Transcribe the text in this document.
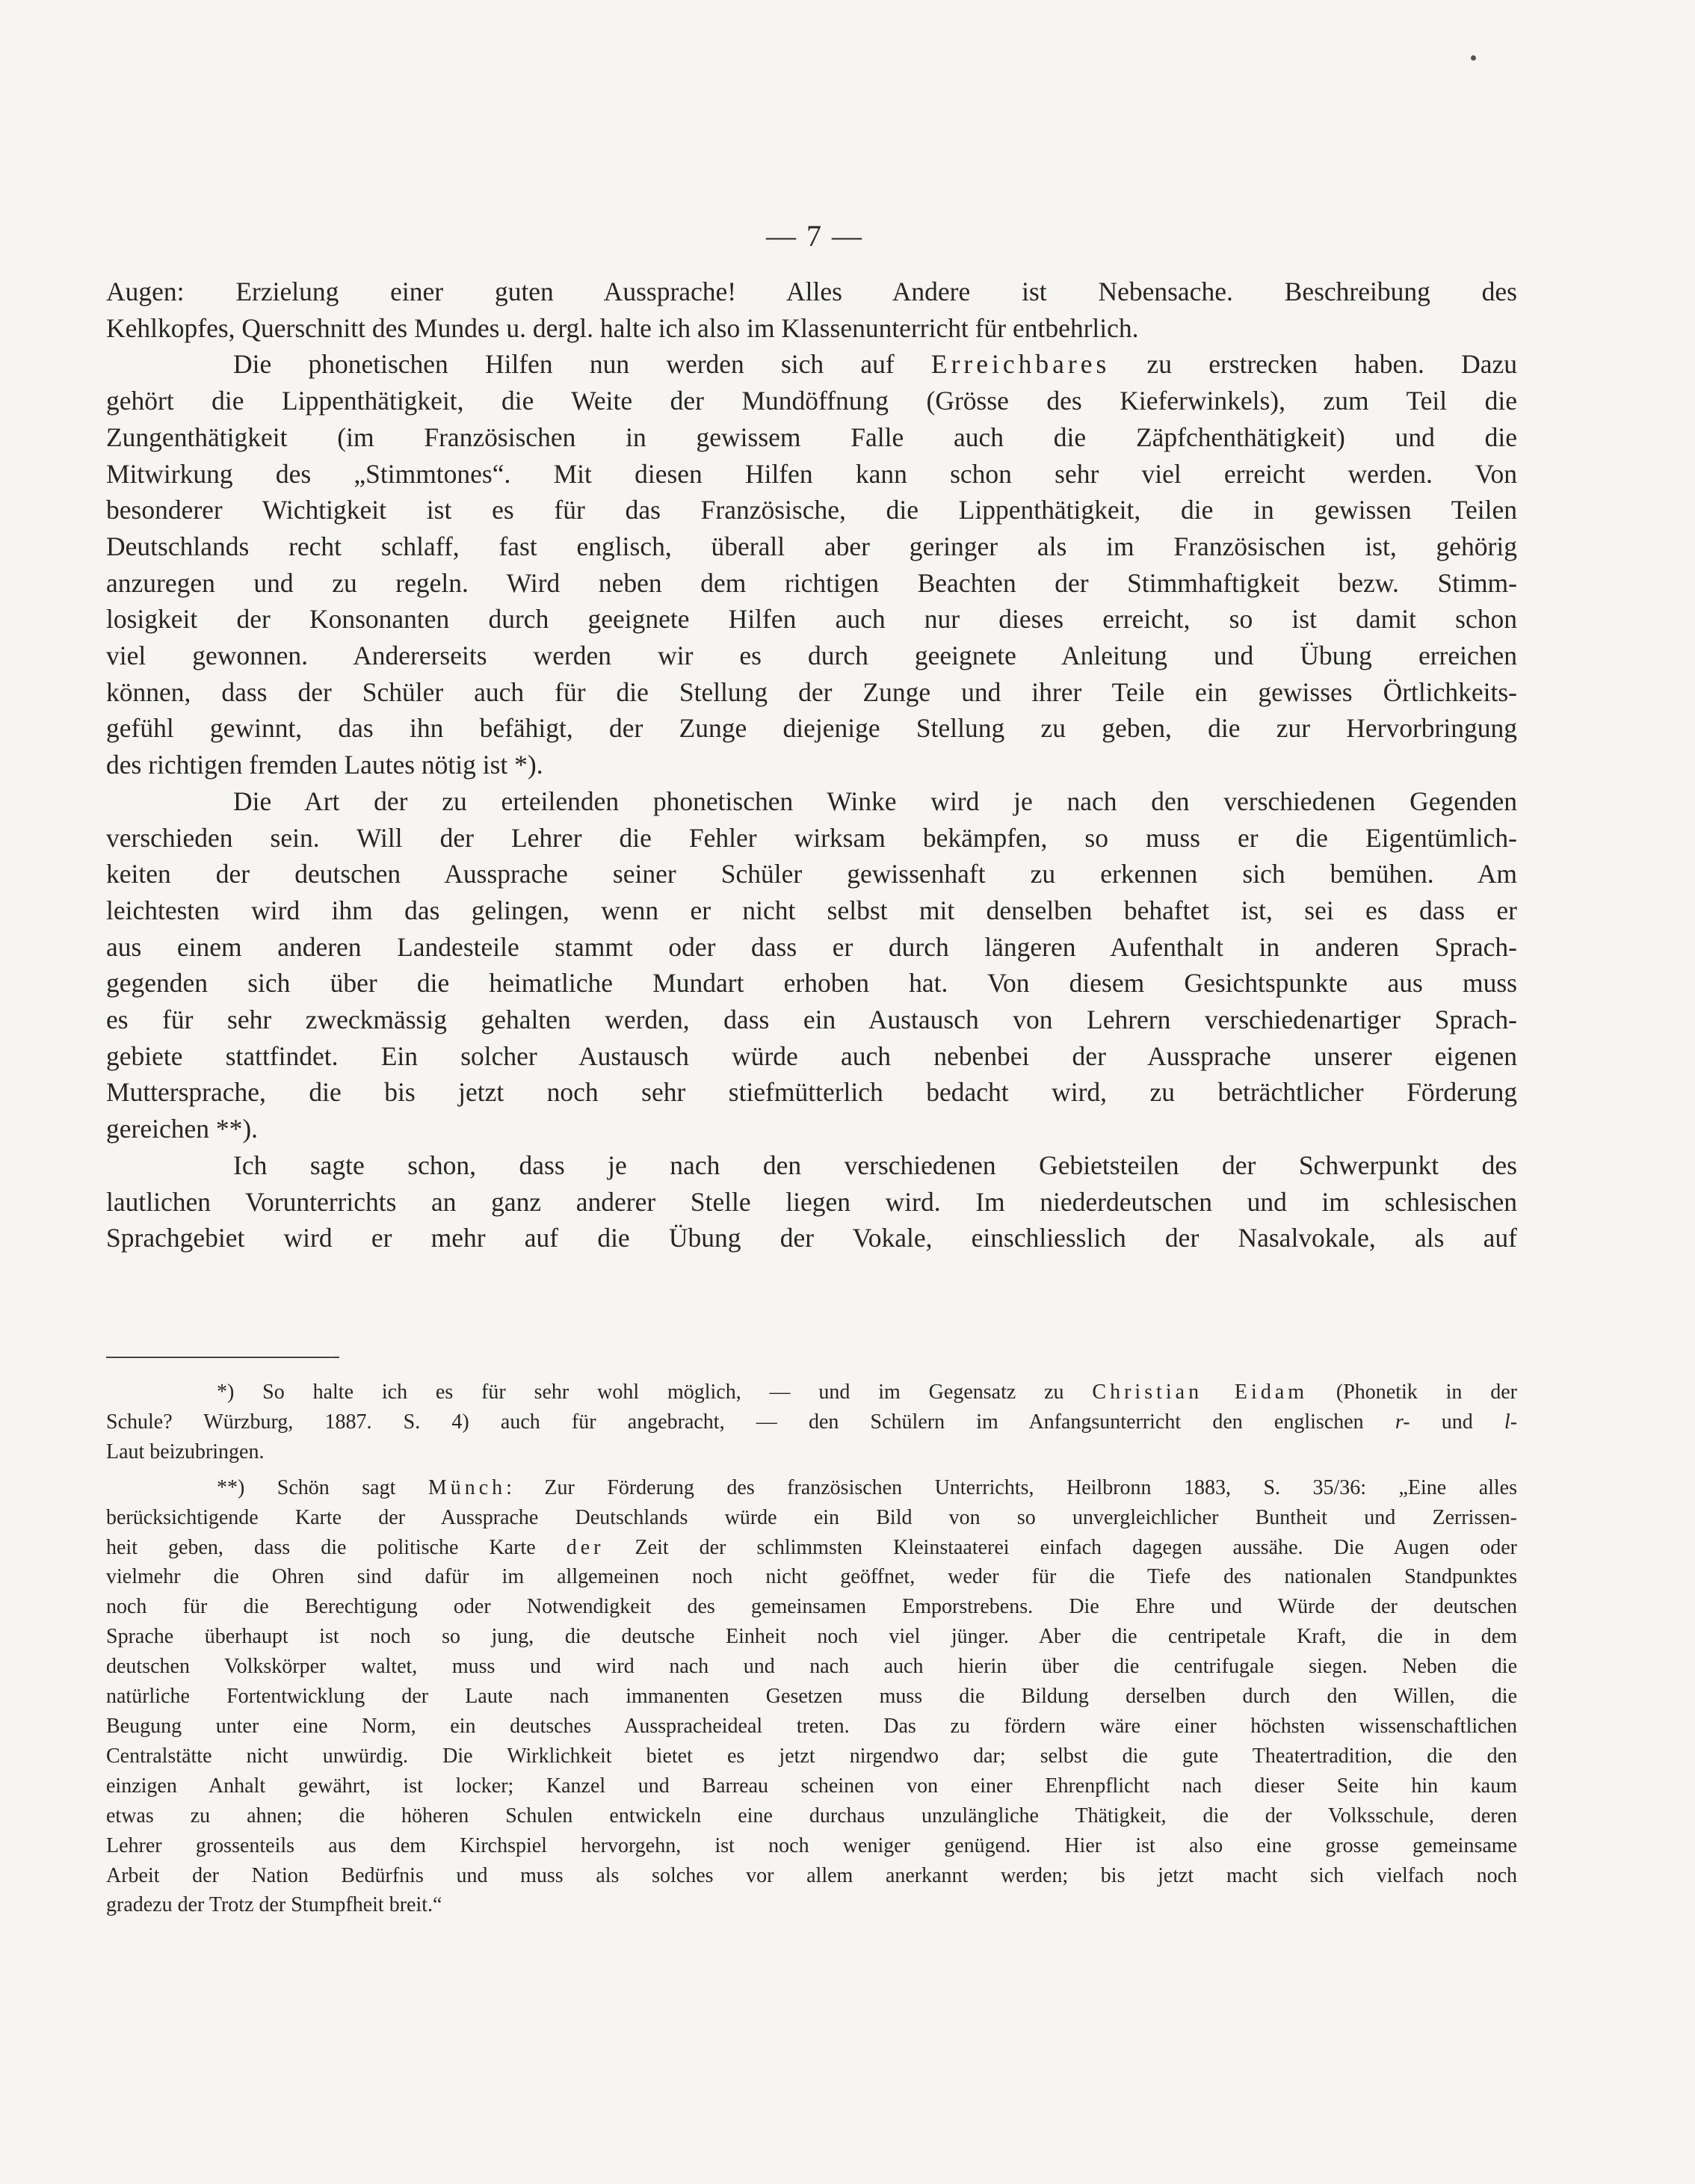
— 7 —

Augen: Erzielung einer guten Aussprache! Alles Andere ist Nebensache. Beschreibung des

Kehlkopfes, Querschnitt des Mundes u. dergl. halte ich also im Klassenunterricht für entbehrlich.

Die phonetischen Hilfen nun werden sich auf Erreichbares zu erstrecken haben. Dazu

gehört die Lippenthätigkeit, die Weite der Mundöffnung (Grösse des Kieferwinkels), zum Teil die

Zungenthätigkeit (im Französischen in gewissem Falle auch die Zäpfchenthätigkeit) und die

Mitwirkung des „Stimmtones“. Mit diesen Hilfen kann schon sehr viel erreicht werden. Von

besonderer Wichtigkeit ist es für das Französische, die Lippenthätigkeit, die in gewissen Teilen

Deutschlands recht schlaff, fast englisch, überall aber geringer als im Französischen ist, gehörig

anzuregen und zu regeln. Wird neben dem richtigen Beachten der Stimmhaftigkeit bezw. Stimm-

losigkeit der Konsonanten durch geeignete Hilfen auch nur dieses erreicht, so ist damit schon

viel gewonnen. Andererseits werden wir es durch geeignete Anleitung und Übung erreichen

können, dass der Schüler auch für die Stellung der Zunge und ihrer Teile ein gewisses Örtlichkeits-

gefühl gewinnt, das ihn befähigt, der Zunge diejenige Stellung zu geben, die zur Hervorbringung

des richtigen fremden Lautes nötig ist *).

Die Art der zu erteilenden phonetischen Winke wird je nach den verschiedenen Gegenden

verschieden sein. Will der Lehrer die Fehler wirksam bekämpfen, so muss er die Eigentümlich-

keiten der deutschen Aussprache seiner Schüler gewissenhaft zu erkennen sich bemühen. Am

leichtesten wird ihm das gelingen, wenn er nicht selbst mit denselben behaftet ist, sei es dass er

aus einem anderen Landesteile stammt oder dass er durch längeren Aufenthalt in anderen Sprach-

gegenden sich über die heimatliche Mundart erhoben hat. Von diesem Gesichtspunkte aus muss

es für sehr zweckmässig gehalten werden, dass ein Austausch von Lehrern verschiedenartiger Sprach-

gebiete stattfindet. Ein solcher Austausch würde auch nebenbei der Aussprache unserer eigenen

Muttersprache, die bis jetzt noch sehr stiefmütterlich bedacht wird, zu beträchtlicher Förderung

gereichen **).

Ich sagte schon, dass je nach den verschiedenen Gebietsteilen der Schwerpunkt des

lautlichen Vorunterrichts an ganz anderer Stelle liegen wird. Im niederdeutschen und im schlesischen

Sprachgebiet wird er mehr auf die Übung der Vokale, einschliesslich der Nasalvokale, als auf

*) So halte ich es für sehr wohl möglich, — und im Gegensatz zu Christian Eidam (Phonetik in der

Schule? Würzburg, 1887. S. 4) auch für angebracht, — den Schülern im Anfangsunterricht den englischen r- und l-

Laut beizubringen.

**) Schön sagt Münch: Zur Förderung des französischen Unterrichts, Heilbronn 1883, S. 35/36: „Eine alles

berücksichtigende Karte der Aussprache Deutschlands würde ein Bild von so unvergleichlicher Buntheit und Zerrissen-

heit geben, dass die politische Karte der Zeit der schlimmsten Kleinstaaterei einfach dagegen aussähe. Die Augen oder

vielmehr die Ohren sind dafür im allgemeinen noch nicht geöffnet, weder für die Tiefe des nationalen Standpunktes

noch für die Berechtigung oder Notwendigkeit des gemeinsamen Emporstrebens. Die Ehre und Würde der deutschen

Sprache überhaupt ist noch so jung, die deutsche Einheit noch viel jünger. Aber die centripetale Kraft, die in dem

deutschen Volkskörper waltet, muss und wird nach und nach auch hierin über die centrifugale siegen. Neben die

natürliche Fortentwicklung der Laute nach immanenten Gesetzen muss die Bildung derselben durch den Willen, die

Beugung unter eine Norm, ein deutsches Ausspracheideal treten. Das zu fördern wäre einer höchsten wissenschaftlichen

Centralstätte nicht unwürdig. Die Wirklichkeit bietet es jetzt nirgendwo dar; selbst die gute Theatertradition, die den

einzigen Anhalt gewährt, ist locker; Kanzel und Barreau scheinen von einer Ehrenpflicht nach dieser Seite hin kaum

etwas zu ahnen; die höheren Schulen entwickeln eine durchaus unzulängliche Thätigkeit, die der Volksschule, deren

Lehrer grossenteils aus dem Kirchspiel hervorgehn, ist noch weniger genügend. Hier ist also eine grosse gemeinsame

Arbeit der Nation Bedürfnis und muss als solches vor allem anerkannt werden; bis jetzt macht sich vielfach noch

gradezu der Trotz der Stumpfheit breit.“
